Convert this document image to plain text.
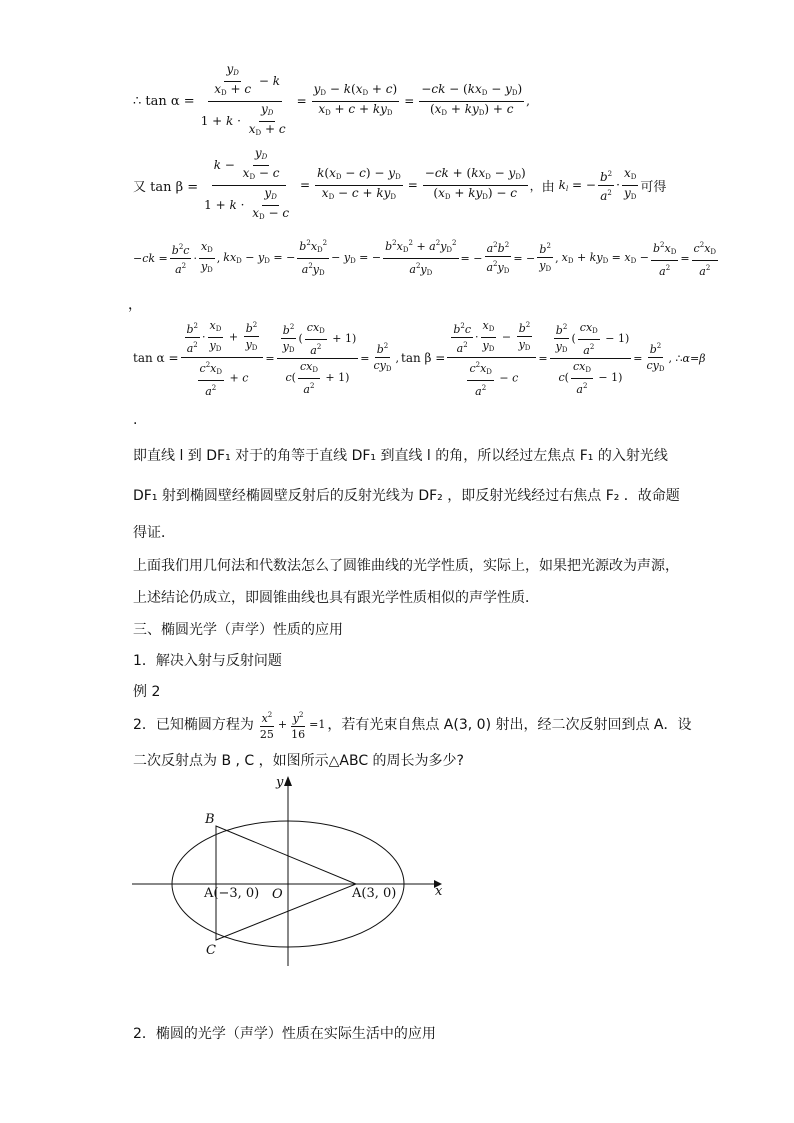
∴ $\tan \alpha = \frac{\frac{y_D}{x_D + c} - k}{1 + k \cdot \frac{y_D}{x_D + c}} = \frac{y_D - k(x_D + c)}{x_D + c + ky_D} = \frac{-ck - (kx_D - y_D)}{(x_D + ky_D) + c}$ ,
又 $\tan \beta = \frac{k - \frac{y_D}{x_D - c}}{1 + k \cdot \frac{y_D}{x_D - c}} = \frac{k(x_D - c) - y_D}{x_D - c + ky_D} = \frac{-ck + (kx_D - y_D)}{(x_D + ky_D) - c}$ ， 由 $k_l$ = − $\frac{b^2}{a^2} \cdot \frac{x_D}{y_D}$ 可得
$-ck = \frac{b^2c}{a^2} \cdot \frac{x_D}{y_D}$ , $kx_D - y_D$ = − $\frac{b^2x_D^2}{a^2y_D} - y_D$ = − $\frac{b^2x_D^2 + a^2y_D^2}{a^2y_D}$ = − $\frac{a^2b^2}{a^2y_D}$ = − $\frac{b^2}{y_D}$ , $x_D + ky_D = x_D - \frac{b^2x_D}{a^2} = \frac{c^2x_D}{a^2}$
，
$\tan \alpha = \frac{\frac{b^2}{a^2} \cdot \frac{x_D}{y_D} + \frac{b^2}{y_D}}{\frac{c^2x_D}{a^2} + c} = \frac{\frac{b^2}{y_D} ( \frac{cx_D}{a^2} + 1)}{c( \frac{cx_D}{a^2} + 1)} = \frac{b^2}{cy_D}$ , $\tan \beta = \frac{\frac{b^2c}{a^2} \cdot \frac{x_D}{y_D} - \frac{b^2}{y_D}}{\frac{c^2x_D}{a^2} - c} = \frac{\frac{b^2}{y_D} ( \frac{cx_D}{a^2} - 1)}{c( \frac{cx_D}{a^2} - 1)} = \frac{b^2}{cy_D}$ , ∴ α = β
.
即直线 l 到 DF₁ 对于的角等于直线 DF₁ 到直线 l 的角，所以经过左焦点 F₁ 的入射光线
DF₁ 射到椭圆壁经椭圆壁反射后的反射光线为 DF₂ ，即反射光线经过右焦点 F₂ ．故命题
得证．
上面我们用几何法和代数法怎么了圆锥曲线的光学性质，实际上，如果把光源改为声源，
上述结论仍成立，即圆锥曲线也具有跟光学性质相似的声学性质．
三、椭圆光学（声学）性质的应用
1．解决入射与反射问题
例 2
2．已知椭圆方程为 $\frac{x^2}{25} + \frac{y^2}{16} =1$ ，若有光束自焦点 A(3, 0) 射出，经二次反射回到点 A．设
二次反射点为 B , C ，如图所示△ABC 的周长为多少?
y
x
B
C
O
A(−3, 0)	A(3, 0)
2．椭圆的光学（声学）性质在实际生活中的应用
